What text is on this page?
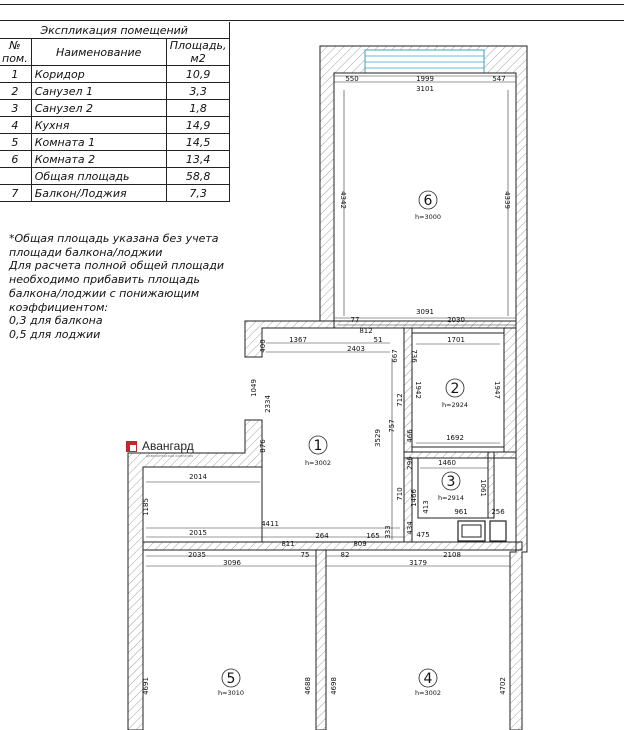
Экспликация помещений		
№
пом.	Наименование	Площадь,
м2
1	Коридор	10,9
2	Санузел 1	3,3
3	Санузел 2	1,8
4	Кухня	14,9
5	Комната 1	14,5
6	Комната 2	13,4
	Общая площадь	58,8
7	Балкон/Лоджия	7,3
*Общая площадь указана без учета
площади балкона/лоджии
Для расчета полной общей площади
необходимо прибавить площадь
балкона/лоджии с понижающим
коэффициентом:
0,3 для балкона
0,5 для лоджии
Авангард
девелоперская компания
1
h=3002
2
h=2924
3
h=2914
4
h=3002
5
h=3010
6
h=3000
550	1999	547
3101
4342	4339
3091
77	2030
812
1367
2403
51
400
667 736
1701
1049
2334
876
1942
712
1947
3529
757
466	1692
2014
1185
296	1460
710 1466
1061
413	961	256
434
475
2015
4411
264	165 333
811	809
2035	75	82	2108
3096	3179
4691	4688	4698	4702
